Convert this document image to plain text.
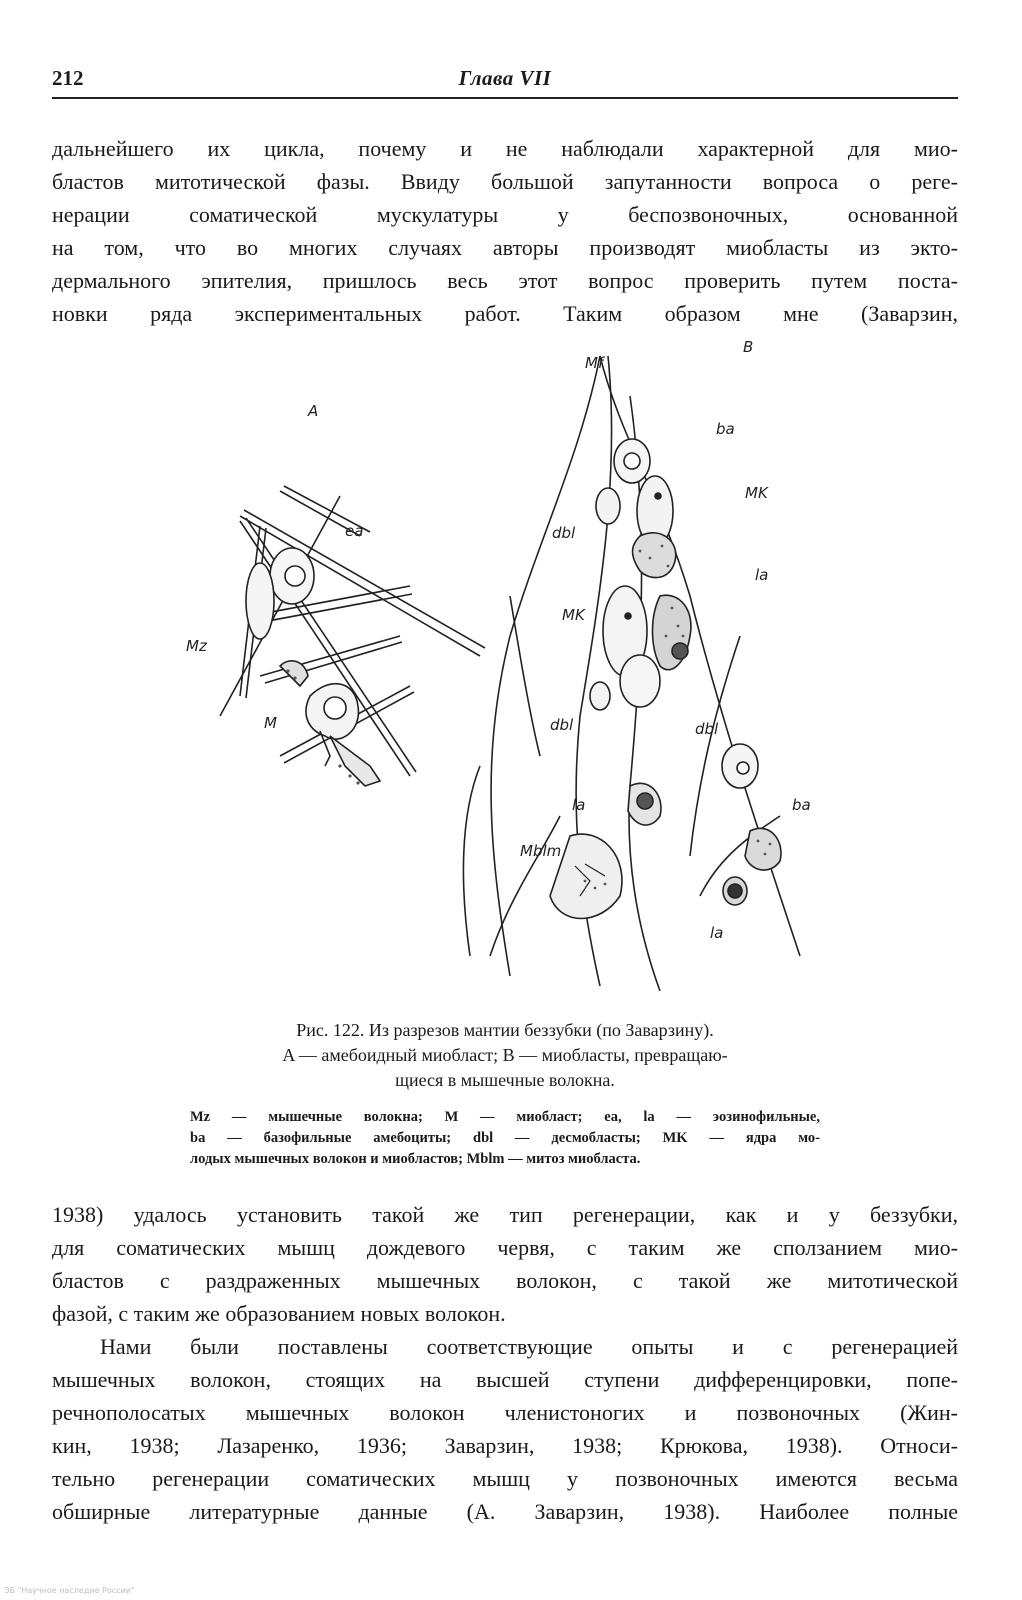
212	Глава VII
дальнейшего их цикла, почему и не наблюдали характерной для мио-
бластов митотической фазы. Ввиду большой запутанности вопроса о реге-
нерации соматической мускулатуры у беспозвоночных, основанной
на том, что во многих случаях авторы производят миобласты из экто-
дермального эпителия, пришлось весь этот вопрос проверить путем поста-
новки ряда экспериментальных работ. Таким образом мне (Заварзин,
A
B
ea
Mz
M
Mf
ba
MK
dbl
la
MK
dbl	dbl
ba
la
Mblm
la
Рис. 122. Из разрезов мантии беззубки (по Заварзину).
A — амебоидный миобласт; B — миобласты, превращаю-
щиеся в мышечные волокна.
Mz — мышечные волокна; M — миобласт; ea, la — эозинофильные,
ba — базофильные амебоциты; dbl — десмобласты; MK — ядра мо-
лодых мышечных волокон и миобластов; Mblm — митоз миобласта.
1938) удалось установить такой же тип регенерации, как и у беззубки,
для соматических мышц дождевого червя, с таким же сползанием мио-
бластов с раздраженных мышечных волокон, с такой же митотической
фазой, с таким же образованием новых волокон.
Нами были поставлены соответствующие опыты и с регенерацией
мышечных волокон, стоящих на высшей ступени дифференцировки, попе-
речнополосатых мышечных волокон членистоногих и позвоночных (Жин-
кин, 1938; Лазаренко, 1936; Заварзин, 1938; Крюкова, 1938). Относи-
тельно регенерации соматических мышц у позвоночных имеются весьма
обширные литературные данные (А. Заварзин, 1938). Наиболее полные
ЭБ "Научное наследие России"
